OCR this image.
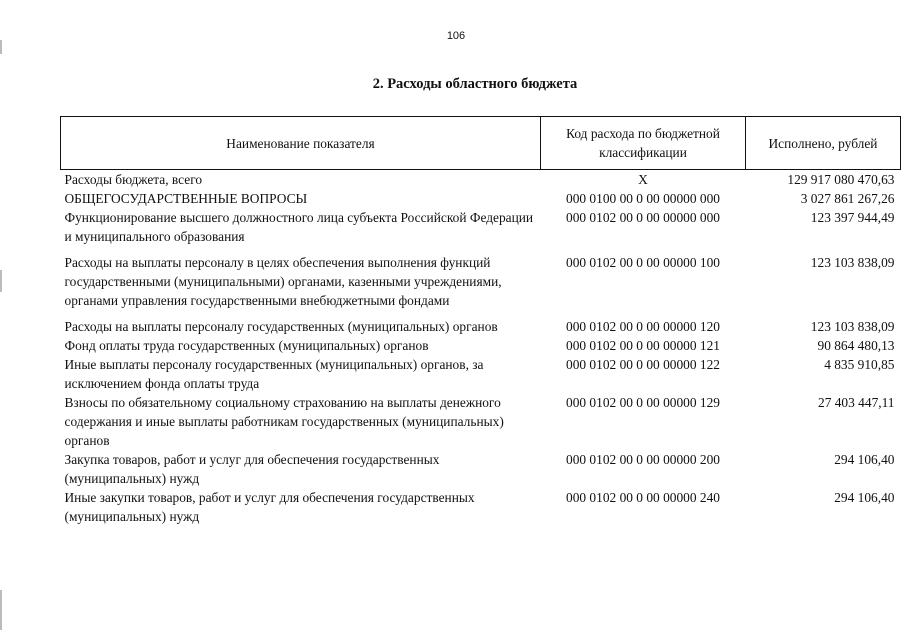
106
2. Расходы областного бюджета
Наименование показателя	Код расхода по бюджетной классификации	Исполнено, рублей
Расходы бюджета, всего	X	129 917 080 470,63
ОБЩЕГОСУДАРСТВЕННЫЕ ВОПРОСЫ	000 0100 00 0 00 00000 000	3 027 861 267,26
Функционирование высшего должностного лица субъекта Российской Федерации и муниципального образования	000 0102 00 0 00 00000 000	123 397 944,49
Расходы на выплаты персоналу в целях обеспечения выполнения функций государственными (муниципальными) органами, казенными учреждениями, органами управления государственными внебюджетными фондами	000 0102 00 0 00 00000 100	123 103 838,09
Расходы на выплаты персоналу государственных (муниципальных) органов	000 0102 00 0 00 00000 120	123 103 838,09
Фонд оплаты труда государственных (муниципальных) органов	000 0102 00 0 00 00000 121	90 864 480,13
Иные выплаты персоналу государственных (муниципальных) органов, за исключением фонда оплаты труда	000 0102 00 0 00 00000 122	4 835 910,85
Взносы по обязательному социальному страхованию на выплаты денежного содержания и иные выплаты работникам государственных (муниципальных) органов	000 0102 00 0 00 00000 129	27 403 447,11
Закупка товаров, работ и услуг для обеспечения государственных (муниципальных) нужд	000 0102 00 0 00 00000 200	294 106,40
Иные закупки товаров, работ и услуг для обеспечения государственных (муниципальных) нужд	000 0102 00 0 00 00000 240	294 106,40
